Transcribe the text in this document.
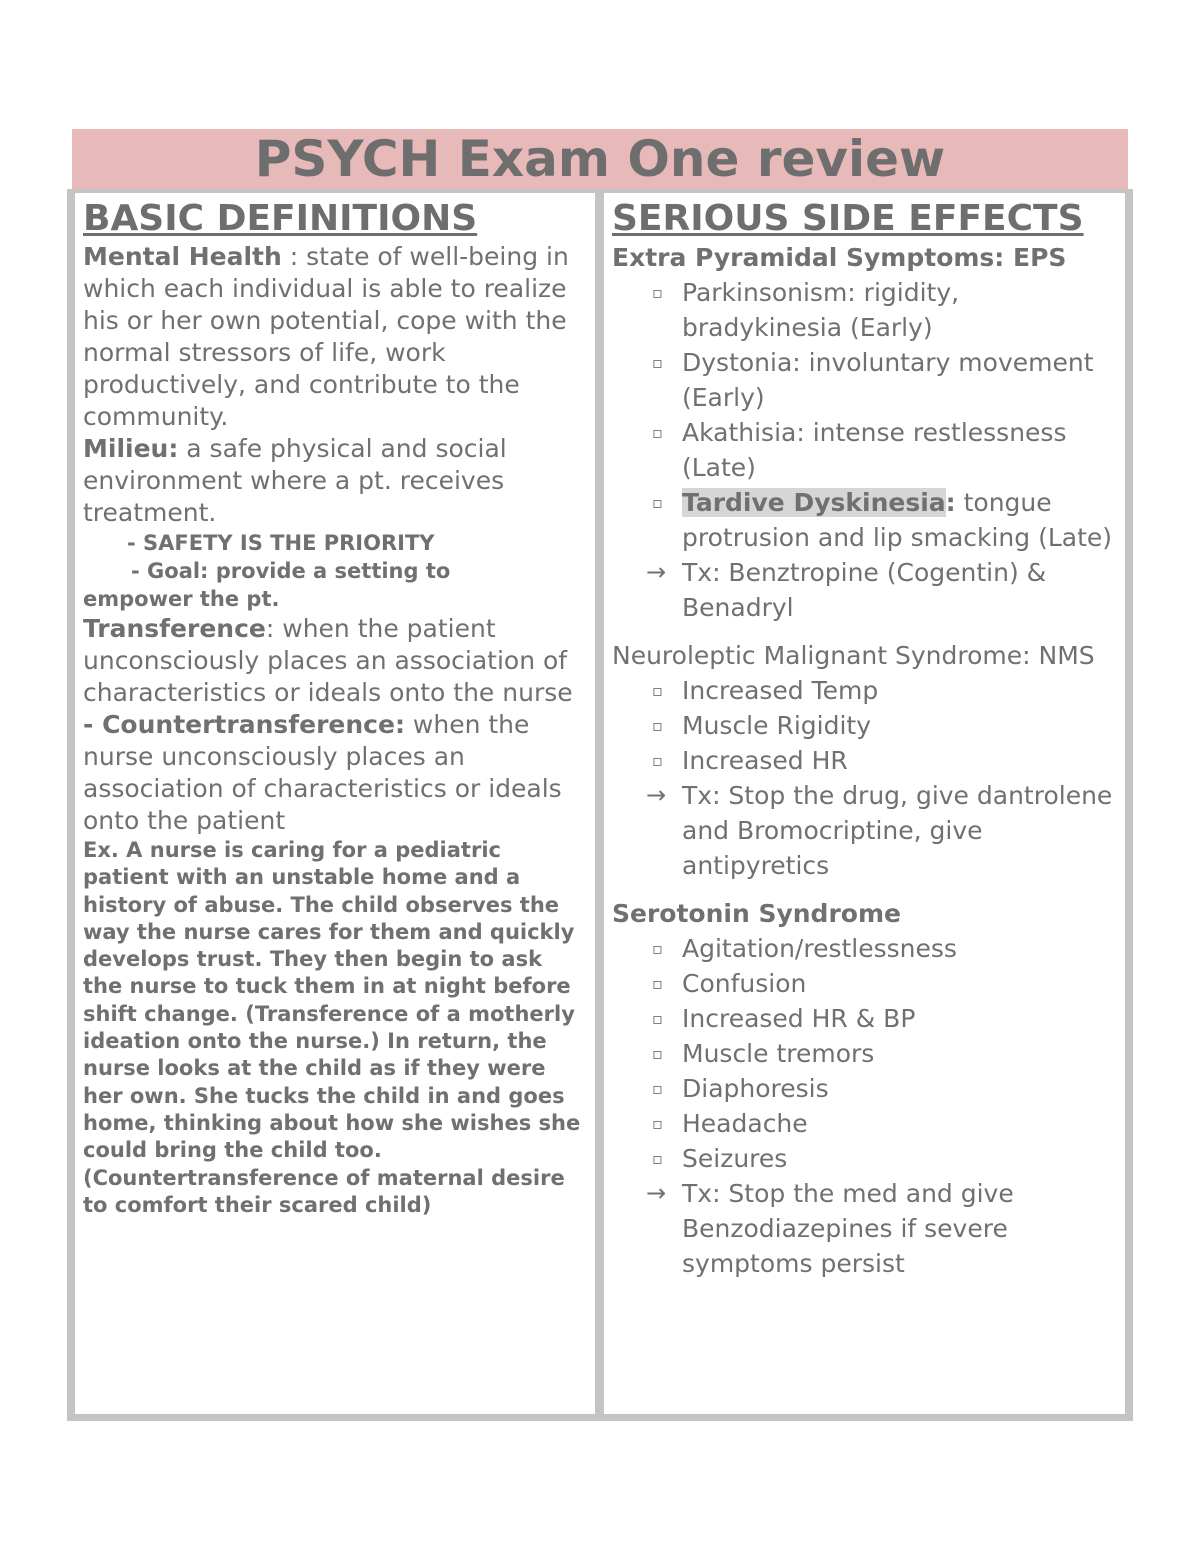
PSYCH Exam One review
BASIC DEFINITIONS
Mental Health : state of well-being in which each individual is able to realize his or her own potential, cope with the normal stressors of life, work productively, and contribute to the community.
Milieu: a safe physical and social environment where a pt. receives treatment.
- SAFETY IS THE PRIORITY
- Goal: provide a setting to
empower the pt.
Transference: when the patient unconsciously places an association of characteristics or ideals onto the nurse
- Countertransference: when the nurse unconsciously places an association of characteristics or ideals onto the patient
Ex. A nurse is caring for a pediatric patient with an unstable home and a history of abuse. The child observes the way the nurse cares for them and quickly develops trust. They then begin to ask the nurse to tuck them in at night before shift change. (Transference of a motherly ideation onto the nurse.) In return, the nurse looks at the child as if they were her own. She tucks the child in and goes home, thinking about how she wishes she could bring the child too. (Countertransference of maternal desire to comfort their scared child)
SERIOUS SIDE EFFECTS
Extra Pyramidal Symptoms: EPS
▫ Parkinsonism: rigidity, bradykinesia (Early)
▫ Dystonia: involuntary movement (Early)
▫ Akathisia: intense restlessness (Late)
▫ Tardive Dyskinesia: tongue protrusion and lip smacking (Late)
→ Tx: Benztropine (Cogentin) & Benadryl
Neuroleptic Malignant Syndrome: NMS
▫ Increased Temp
▫ Muscle Rigidity
▫ Increased HR
→ Tx: Stop the drug, give dantrolene and Bromocriptine, give antipyretics
Serotonin Syndrome
▫ Agitation/restlessness
▫ Confusion
▫ Increased HR & BP
▫ Muscle tremors
▫ Diaphoresis
▫ Headache
▫ Seizures
→ Tx: Stop the med and give Benzodiazepines if severe symptoms persist
